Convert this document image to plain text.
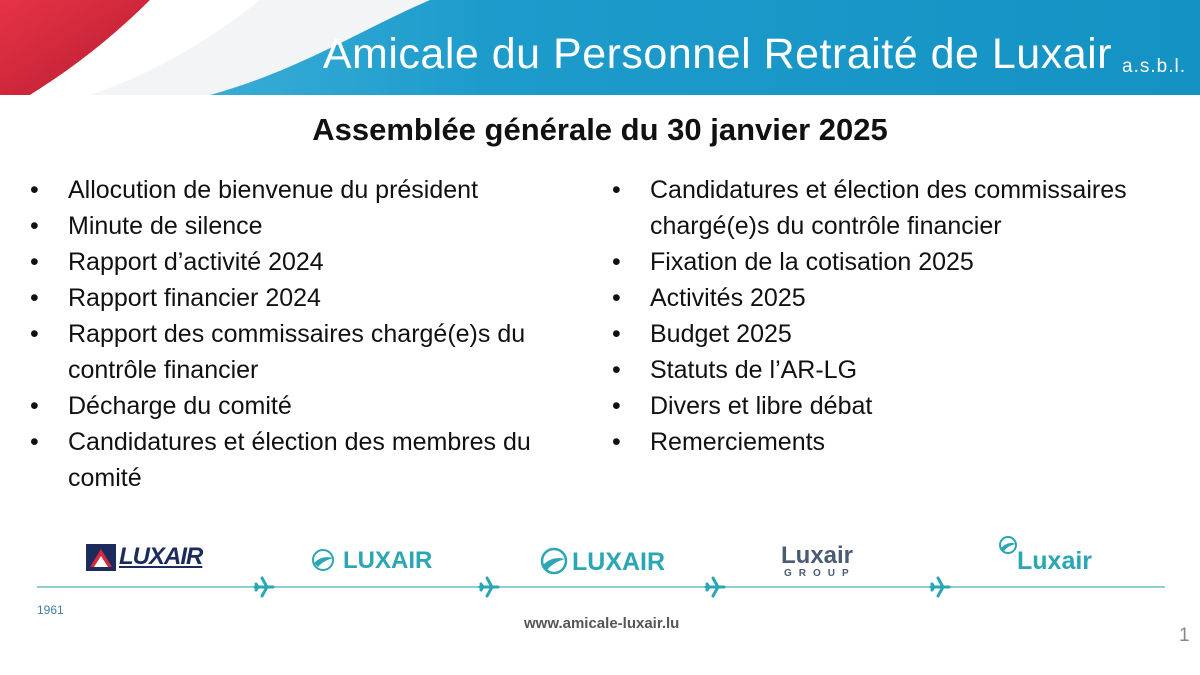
Amicale du Personnel Retraité de Luxair a.s.b.l.
Assemblée générale du 30 janvier 2025
• Allocution de bienvenue du président
• Minute de silence
• Rapport d’activité 2024
• Rapport financier 2024
• Rapport des commissaires chargé(e)s du contrôle financier
• Décharge du comité
• Candidatures et élection des membres du comité
• Candidatures et élection des commissaires chargé(e)s du contrôle financier
• Fixation de la cotisation 2025
• Activités 2025
• Budget 2025
• Statuts de l’AR-LG
• Divers et libre débat
• Remerciements
LUXAIR	LUXAIR	LUXAIR	Luxair
GROUP	Luxair
1961
www.amicale-luxair.lu
1
